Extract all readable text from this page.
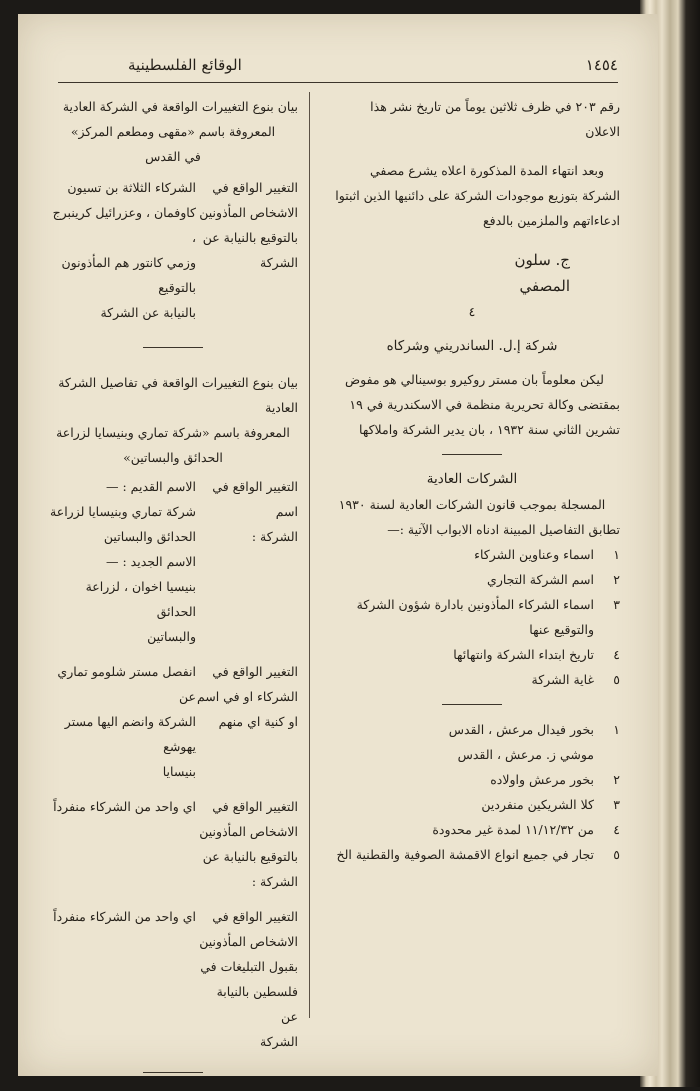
١٤٥٤
الوقائع الفلسطينية

رقم ٢٠٣ في ظرف ثلاثين يوماً من تاريخ نشر هذا

الاعلان

وبعد انتهاء المدة المذكورة اعلاه يشرع مصفي

الشركة بتوزيع موجودات الشركة على دائنيها الذين اثبتوا

ادعاءاتهم والملزمين بالدفع

ج. سلون

المصفي

٤

شركة إ.ل. الساندريني وشركاه

ليكن معلوماً بان مستر روكيرو بوسينالي هو مفوض

بمقتضى وكالة تحريرية منظمة في الاسكندرية في ١٩

تشرين الثاني سنة ١٩٣٢ ، بان يدير الشركة واملاكها

الشركات العادية

المسجلة بموجب قانون الشركات العادية لسنة ١٩٣٠

تطابق التفاصيل المبينة ادناه الابواب الآتية :—

١
اسماء وعناوين الشركاء
٢
اسم الشركة التجاري
٣
اسماء الشركاء المأذونين بادارة شؤون الشركة
والتوقيع عنها
٤
تاريخ ابتداء الشركة وانتهائها
٥
غاية الشركة
١
بخور فيدال مرعش ، القدس
موشي ز. مرعش ، القدس
٢
بخور مرعش واولاده
٣
كلا الشريكين منفردين
٤
من ١١/١٢/٣٢ لمدة غير محدودة
٥
تجار في جميع انواع الاقمشة الصوفية والقطنية الخ

بيان بنوع التغييرات الواقعة في الشركة العادية

المعروفة باسم «مقهى ومطعم المركز»

في القدس

التغيير الواقع في

الاشخاص المأذونين

بالتوقيع بالنيابة عن

الشركة

الشركاء الثلاثة بن تسيون

كاوفمان ، وعزرائيل كرينبرج ،

وزمي كانتور هم المأذونون بالتوقيع

بالنيابة عن الشركة

بيان بنوع التغييرات الواقعة في تفاصيل الشركة العادية

المعروفة باسم «شركة تماري وبنيسايا لزراعة

الحدائق والبساتين»

التغيير الواقع في اسم

الشركة :

الاسم القديم : —

شركة تماري وبنيسايا لزراعة

الحدائق والبساتين

الاسم الجديد : —

بنيسيا اخوان ، لزراعة الحدائق

والبساتين

التغيير الواقع في

الشركاء او في اسم

او كنية اي منهم

انفصل مستر شلومو تماري عن

الشركة وانضم اليها مستر يهوشع

بنيسايا

التغيير الواقع في

الاشخاص المأذونين

بالتوقيع بالنيابة عن

الشركة :

اي واحد من الشركاء منفرداً

التغيير الواقع في

الاشخاص المأذونين

بقبول التبليغات في

فلسطين بالنيابة عن

الشركة

اي واحد من الشركاء منفرداً
